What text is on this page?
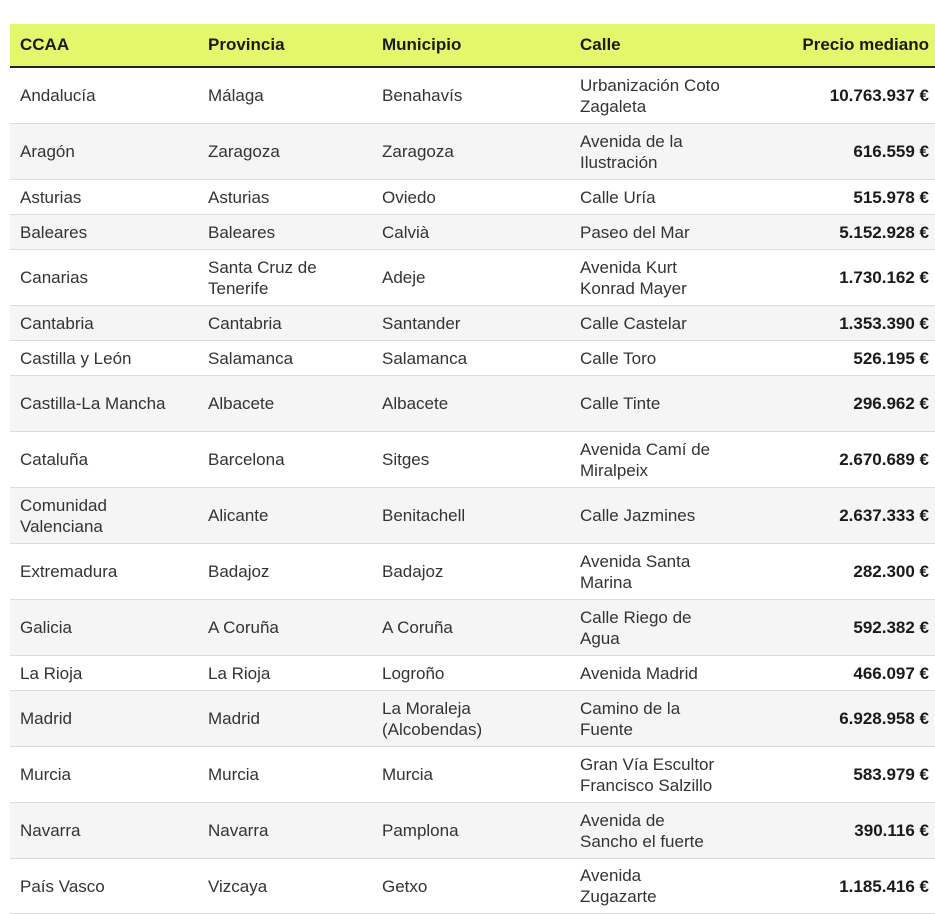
CCAA	Provincia	Municipio	Calle	Precio mediano
Andalucía	Málaga	Benahavís	Urbanización Coto Zagaleta	10.763.937 €
Aragón	Zaragoza	Zaragoza	Avenida de la Ilustración	616.559 €
Asturias	Asturias	Oviedo	Calle Uría	515.978 €
Baleares	Baleares	Calvià	Paseo del Mar	5.152.928 €
Canarias	Santa Cruz de Tenerife	Adeje	Avenida Kurt Konrad Mayer	1.730.162 €
Cantabria	Cantabria	Santander	Calle Castelar	1.353.390 €
Castilla y León	Salamanca	Salamanca	Calle Toro	526.195 €
Castilla-La Mancha	Albacete	Albacete	Calle Tinte	296.962 €
Cataluña	Barcelona	Sitges	Avenida Camí de Miralpeix	2.670.689 €
Comunidad Valenciana	Alicante	Benitachell	Calle Jazmines	2.637.333 €
Extremadura	Badajoz	Badajoz	Avenida Santa Marina	282.300 €
Galicia	A Coruña	A Coruña	Calle Riego de Agua	592.382 €
La Rioja	La Rioja	Logroño	Avenida Madrid	466.097 €
Madrid	Madrid	La Moraleja (Alcobendas)	Camino de la Fuente	6.928.958 €
Murcia	Murcia	Murcia	Gran Vía Escultor Francisco Salzillo	583.979 €
Navarra	Navarra	Pamplona	Avenida de Sancho el fuerte	390.116 €
País Vasco	Vizcaya	Getxo	Avenida Zugazarte	1.185.416 €
